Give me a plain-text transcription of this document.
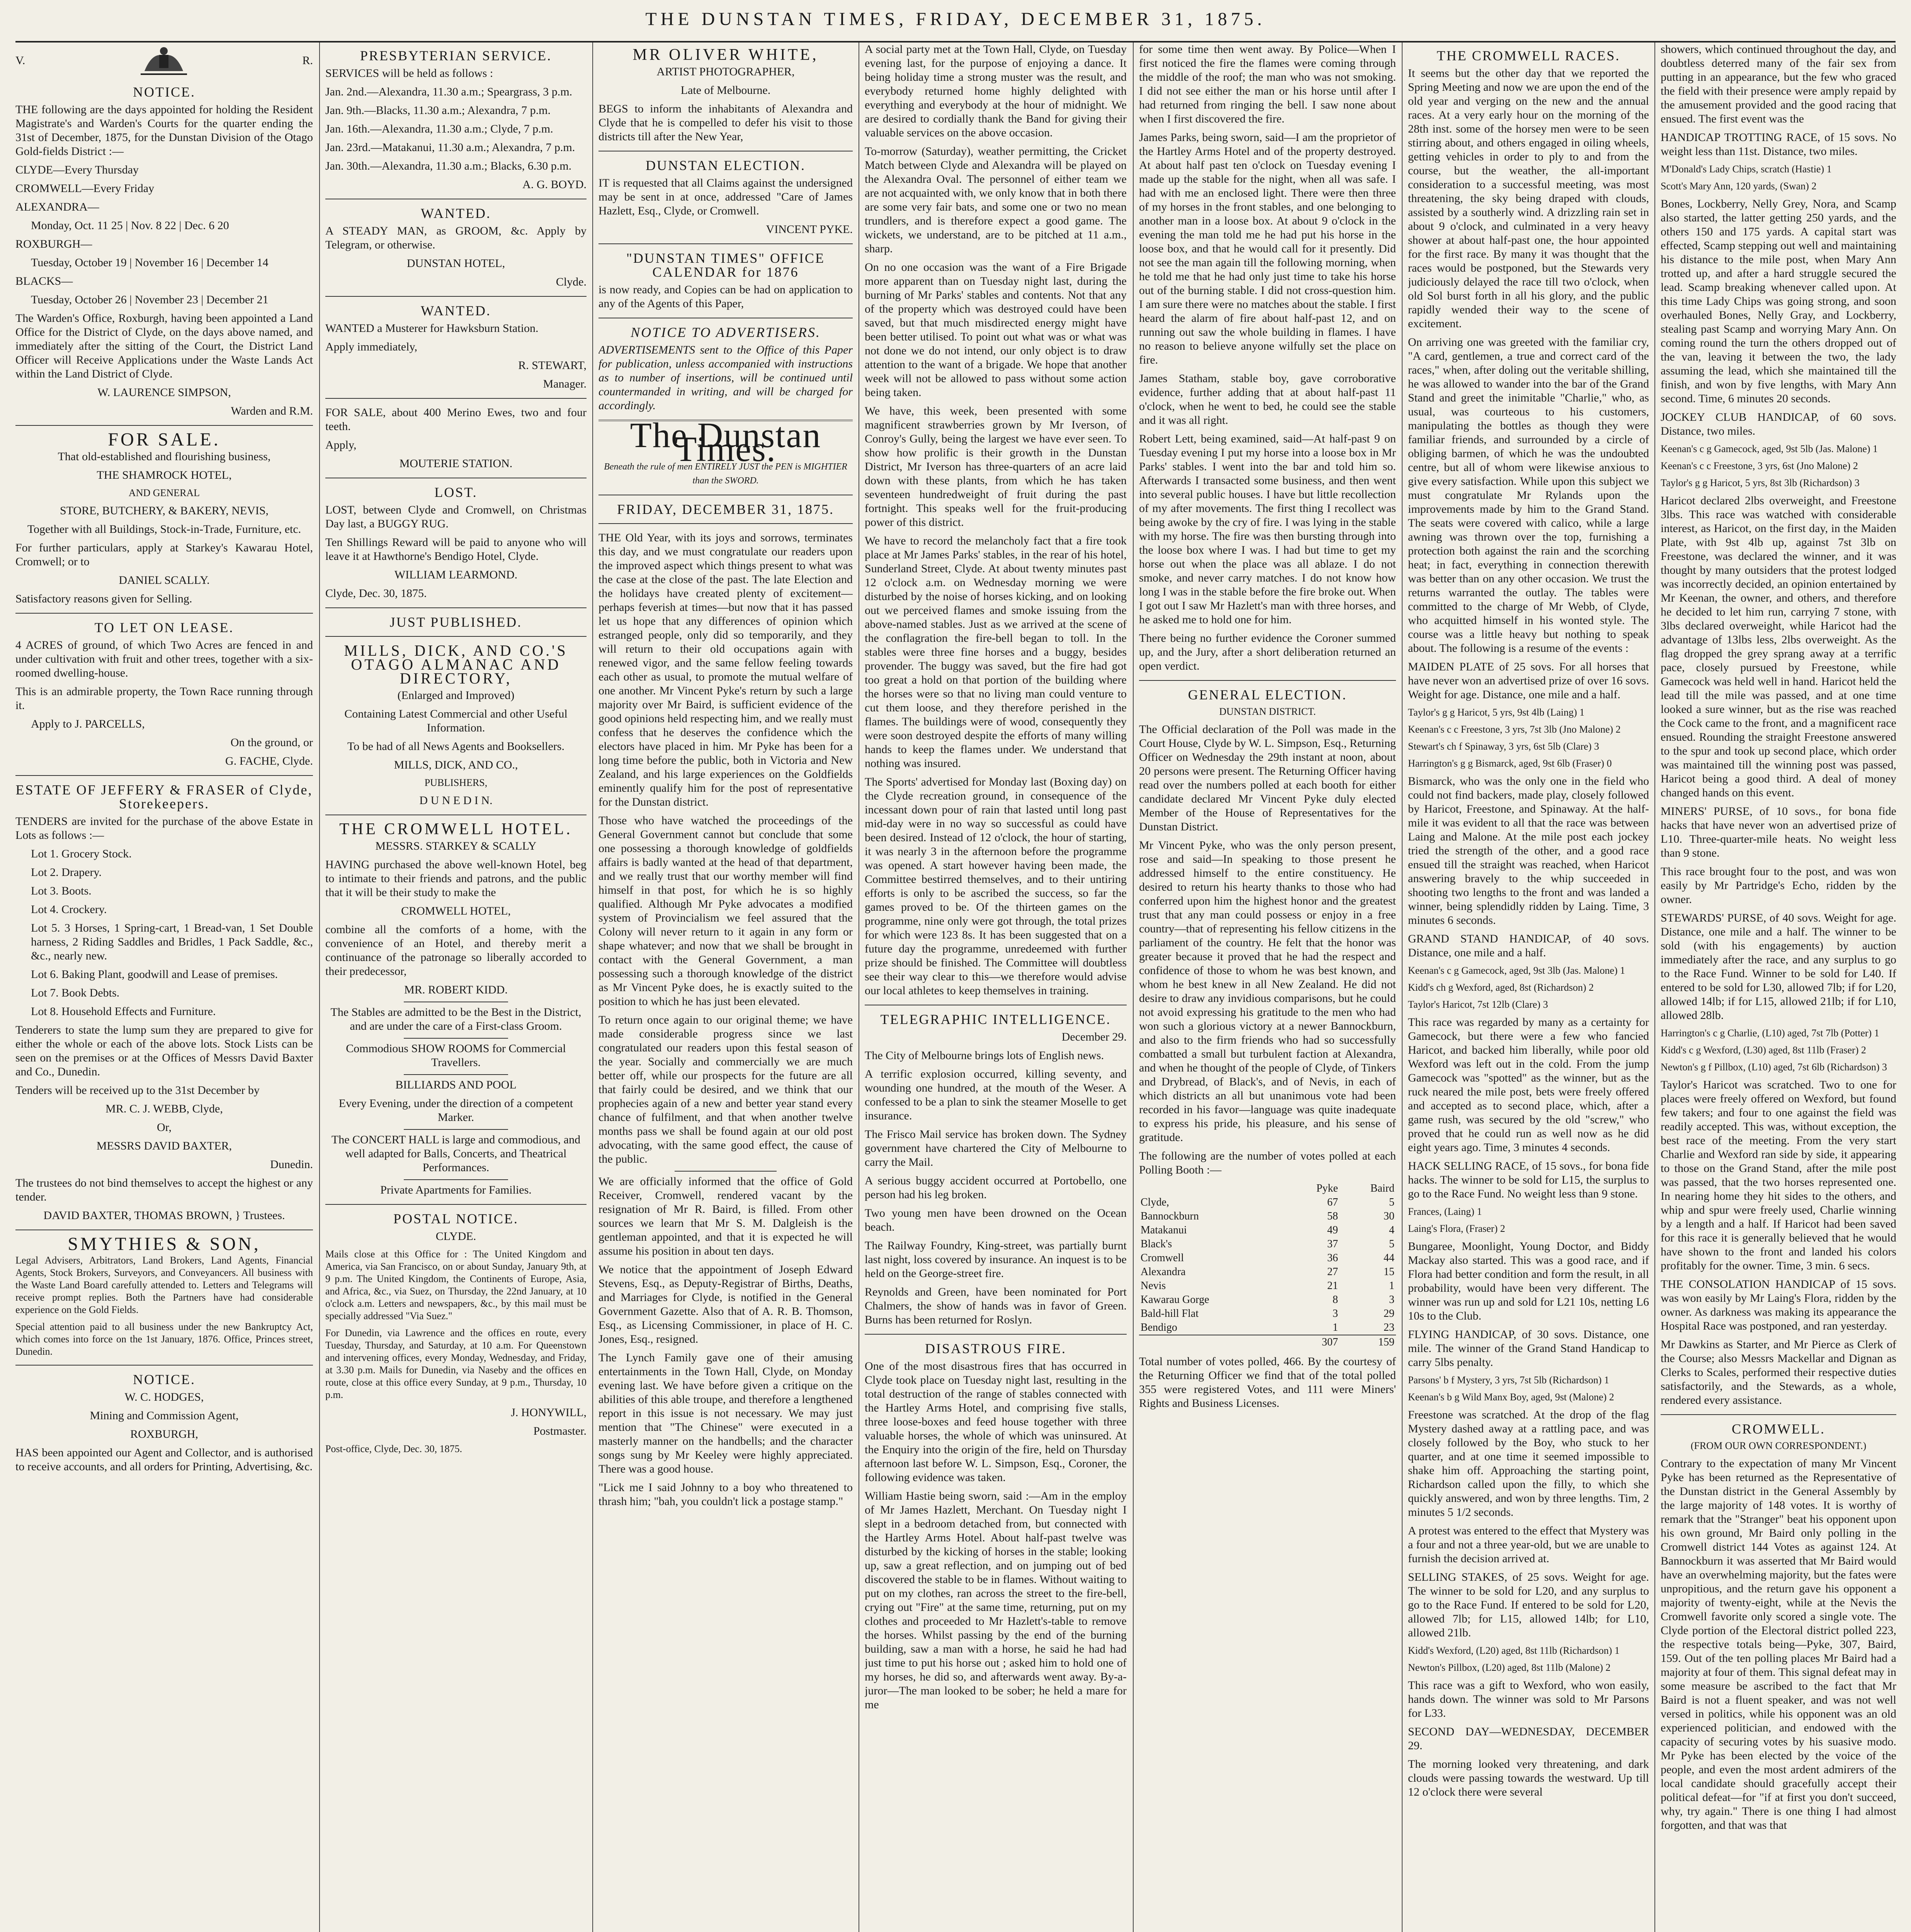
THE DUNSTAN TIMES, FRIDAY, DECEMBER 31, 1875.
V.	R.
NOTICE.

THE following are the days appointed for holding the Resident Magistrate's and Warden's Courts for the quarter ending the 31st of December, 1875, for the Dunstan Division of the Otago Gold-fields District :—

CLYDE—Every Thursday

CROMWELL—Every Friday

ALEXANDRA—

Monday, Oct. 11 25 | Nov. 8 22 | Dec. 6 20

ROXBURGH—

Tuesday, October 19 | November 16 | December 14

BLACKS—

Tuesday, October 26 | November 23 | December 21

The Warden's Office, Roxburgh, having been appointed a Land Office for the District of Clyde, on the days above named, and immediately after the sitting of the Court, the District Land Officer will Receive Applications under the Waste Lands Act within the Land District of Clyde.

W. LAURENCE SIMPSON,

Warden and R.M.

FOR SALE.

That old-established and flourishing business,

THE SHAMROCK HOTEL,

AND GENERAL

STORE, BUTCHERY, & BAKERY, NEVIS,

Together with all Buildings, Stock-in-Trade, Furniture, etc.

For further particulars, apply at Starkey's Kawarau Hotel, Cromwell; or to

DANIEL SCALLY.

Satisfactory reasons given for Selling.

TO LET ON LEASE.

4 ACRES of ground, of which Two Acres are fenced in and under cultivation with fruit and other trees, together with a six-roomed dwelling-house.

This is an admirable property, the Town Race running through it.

Apply to J. PARCELLS,

On the ground, or

G. FACHE, Clyde.

ESTATE OF JEFFERY & FRASER of Clyde, Storekeepers.

TENDERS are invited for the purchase of the above Estate in Lots as follows :—

Lot 1. Grocery Stock.

Lot 2. Drapery.

Lot 3. Boots.

Lot 4. Crockery.

Lot 5. 3 Horses, 1 Spring-cart, 1 Bread-van, 1 Set Double harness, 2 Riding Saddles and Bridles, 1 Pack Saddle, &c., &c., nearly new.

Lot 6. Baking Plant, goodwill and Lease of premises.

Lot 7. Book Debts.

Lot 8. Household Effects and Furniture.

Tenderers to state the lump sum they are prepared to give for either the whole or each of the above lots. Stock Lists can be seen on the premises or at the Offices of Messrs David Baxter and Co., Dunedin.

Tenders will be received up to the 31st December by

MR. C. J. WEBB, Clyde,

Or,

MESSRS DAVID BAXTER,

Dunedin.

The trustees do not bind themselves to accept the highest or any tender.

DAVID BAXTER, THOMAS BROWN, } Trustees.

SMYTHIES & SON,

Legal Advisers, Arbitrators, Land Brokers, Land Agents, Financial Agents, Stock Brokers, Surveyors, and Conveyancers. All business with the Waste Land Board carefully attended to. Letters and Telegrams will receive prompt replies. Both the Partners have had considerable experience on the Gold Fields.

Special attention paid to all business under the new Bankruptcy Act, which comes into force on the 1st January, 1876. Office, Princes street, Dunedin.

NOTICE.

W. C. HODGES,

Mining and Commission Agent,

ROXBURGH,

HAS been appointed our Agent and Collector, and is authorised to receive accounts, and all orders for Printing, Advertising, &c.

PRESBYTERIAN SERVICE.

SERVICES will be held as follows :

Jan. 2nd.—Alexandra, 11.30 a.m.; Speargrass, 3 p.m.

Jan. 9th.—Blacks, 11.30 a.m.; Alexandra, 7 p.m.

Jan. 16th.—Alexandra, 11.30 a.m.; Clyde, 7 p.m.

Jan. 23rd.—Matakanui, 11.30 a.m.; Alexandra, 7 p.m.

Jan. 30th.—Alexandra, 11.30 a.m.; Blacks, 6.30 p.m.

A. G. BOYD.

WANTED.

A STEADY MAN, as GROOM, &c. Apply by Telegram, or otherwise.

DUNSTAN HOTEL,

Clyde.

WANTED.

WANTED a Musterer for Hawksburn Station.

Apply immediately,

R. STEWART,

Manager.

FOR SALE, about 400 Merino Ewes, two and four teeth.

Apply,

MOUTERIE STATION.

LOST.

LOST, between Clyde and Cromwell, on Christmas Day last, a BUGGY RUG.

Ten Shillings Reward will be paid to anyone who will leave it at Hawthorne's Bendigo Hotel, Clyde.

WILLIAM LEARMOND.

Clyde, Dec. 30, 1875.

JUST PUBLISHED.
MILLS, DICK, AND CO.'S OTAGO ALMANAC AND DIRECTORY,

(Enlarged and Improved)

Containing Latest Commercial and other Useful Information.

To be had of all News Agents and Booksellers.

MILLS, DICK, AND CO.,

PUBLISHERS,

D U N E D I N.

THE CROMWELL HOTEL.

MESSRS. STARKEY & SCALLY

HAVING purchased the above well-known Hotel, beg to intimate to their friends and patrons, and the public that it will be their study to make the

CROMWELL HOTEL,

combine all the comforts of a home, with the convenience of an Hotel, and thereby merit a continuance of the patronage so liberally accorded to their predecessor,

MR. ROBERT KIDD.

The Stables are admitted to be the Best in the District, and are under the care of a First-class Groom.

Commodious SHOW ROOMS for Commercial Travellers.

BILLIARDS AND POOL

Every Evening, under the direction of a competent Marker.

The CONCERT HALL is large and commodious, and well adapted for Balls, Concerts, and Theatrical Performances.

Private Apartments for Families.

POSTAL NOTICE.

CLYDE.

Mails close at this Office for : The United Kingdom and America, via San Francisco, on or about Sunday, January 9th, at 9 p.m. The United Kingdom, the Continents of Europe, Asia, and Africa, &c., via Suez, on Thursday, the 22nd January, at 10 o'clock a.m. Letters and newspapers, &c., by this mail must be specially addressed "Via Suez."

For Dunedin, via Lawrence and the offices en route, every Tuesday, Thursday, and Saturday, at 10 a.m. For Queenstown and intervening offices, every Monday, Wednesday, and Friday, at 3.30 p.m. Mails for Dunedin, via Naseby and the offices en route, close at this office every Sunday, at 9 p.m., Thursday, 10 p.m.

J. HONYWILL,

Postmaster.

Post-office, Clyde, Dec. 30, 1875.

MR OLIVER WHITE,

ARTIST PHOTOGRAPHER,

Late of Melbourne.

BEGS to inform the inhabitants of Alexandra and Clyde that he is compelled to defer his visit to those districts till after the New Year,

DUNSTAN ELECTION.

IT is requested that all Claims against the undersigned may be sent in at once, addressed "Care of James Hazlett, Esq., Clyde, or Cromwell.

VINCENT PYKE.

"DUNSTAN TIMES" OFFICE CALENDAR for 1876

is now ready, and Copies can be had on application to any of the Agents of this Paper,

NOTICE TO ADVERTISERS.

ADVERTISEMENTS sent to the Office of this Paper for publication, unless accompanied with instructions as to number of insertions, will be continued until countermanded in writing, and will be charged for accordingly.

The Dunstan Times.
Beneath the rule of men ENTIRELY JUST the PEN is MIGHTIER than the SWORD.
FRIDAY, DECEMBER 31, 1875.

THE Old Year, with its joys and sorrows, terminates this day, and we must congratulate our readers upon the improved aspect which things present to what was the case at the close of the past. The late Election and the holidays have created plenty of excitement—perhaps feverish at times—but now that it has passed let us hope that any differences of opinion which estranged people, only did so temporarily, and they will return to their old occupations again with renewed vigor, and the same fellow feeling towards each other as usual, to promote the mutual welfare of one another. Mr Vincent Pyke's return by such a large majority over Mr Baird, is sufficient evidence of the good opinions held respecting him, and we really must confess that he deserves the confidence which the electors have placed in him. Mr Pyke has been for a long time before the public, both in Victoria and New Zealand, and his large experiences on the Goldfields eminently qualify him for the post of representative for the Dunstan district.

Those who have watched the proceedings of the General Government cannot but conclude that some one possessing a thorough knowledge of goldfields affairs is badly wanted at the head of that department, and we really trust that our worthy member will find himself in that post, for which he is so highly qualified. Although Mr Pyke advocates a modified system of Provincialism we feel assured that the Colony will never return to it again in any form or shape whatever; and now that we shall be brought in contact with the General Government, a man possessing such a thorough knowledge of the district as Mr Vincent Pyke does, he is exactly suited to the position to which he has just been elevated.

To return once again to our original theme; we have made considerable progress since we last congratulated our readers upon this festal season of the year. Socially and commercially we are much better off, while our prospects for the future are all that fairly could be desired, and we think that our prophecies again of a new and better year stand every chance of fulfilment, and that when another twelve months pass we shall be found again at our old post advocating, with the same good effect, the cause of the public.

We are officially informed that the office of Gold Receiver, Cromwell, rendered vacant by the resignation of Mr R. Baird, is filled. From other sources we learn that Mr S. M. Dalgleish is the gentleman appointed, and that it is expected he will assume his position in about ten days.

We notice that the appointment of Joseph Edward Stevens, Esq., as Deputy-Registrar of Births, Deaths, and Marriages for Clyde, is notified in the General Government Gazette. Also that of A. R. B. Thomson, Esq., as Licensing Commissioner, in place of H. C. Jones, Esq., resigned.

The Lynch Family gave one of their amusing entertainments in the Town Hall, Clyde, on Monday evening last. We have before given a critique on the abilities of this able troupe, and therefore a lengthened report in this issue is not necessary. We may just mention that "The Chinese" were executed in a masterly manner on the handbells; and the character songs sung by Mr Keeley were highly appreciated. There was a good house.

"Lick me I said Johnny to a boy who threatened to thrash him; "bah, you couldn't lick a postage stamp."

A social party met at the Town Hall, Clyde, on Tuesday evening last, for the purpose of enjoying a dance. It being holiday time a strong muster was the result, and everybody returned home highly delighted with everything and everybody at the hour of midnight. We are desired to cordially thank the Band for giving their valuable services on the above occasion.

To-morrow (Saturday), weather permitting, the Cricket Match between Clyde and Alexandra will be played on the Alexandra Oval. The personnel of either team we are not acquainted with, we only know that in both there are some very fair bats, and some one or two no mean trundlers, and is therefore expect a good game. The wickets, we understand, are to be pitched at 11 a.m., sharp.

On no one occasion was the want of a Fire Brigade more apparent than on Tuesday night last, during the burning of Mr Parks' stables and contents. Not that any of the property which was destroyed could have been saved, but that much misdirected energy might have been better utilised. To point out what was or what was not done we do not intend, our only object is to draw attention to the want of a brigade. We hope that another week will not be allowed to pass without some action being taken.

We have, this week, been presented with some magnificent strawberries grown by Mr Iverson, of Conroy's Gully, being the largest we have ever seen. To show how prolific is their growth in the Dunstan District, Mr Iverson has three-quarters of an acre laid down with these plants, from which he has taken seventeen hundredweight of fruit during the past fortnight. This speaks well for the fruit-producing power of this district.

We have to record the melancholy fact that a fire took place at Mr James Parks' stables, in the rear of his hotel, Sunderland Street, Clyde. At about twenty minutes past 12 o'clock a.m. on Wednesday morning we were disturbed by the noise of horses kicking, and on looking out we perceived flames and smoke issuing from the above-named stables. Just as we arrived at the scene of the conflagration the fire-bell began to toll. In the stables were three fine horses and a buggy, besides provender. The buggy was saved, but the fire had got too great a hold on that portion of the building where the horses were so that no living man could venture to cut them loose, and they therefore perished in the flames. The buildings were of wood, consequently they were soon destroyed despite the efforts of many willing hands to keep the flames under. We understand that nothing was insured.

The Sports' advertised for Monday last (Boxing day) on the Clyde recreation ground, in consequence of the incessant down pour of rain that lasted until long past mid-day were in no way so successful as could have been desired. Instead of 12 o'clock, the hour of starting, it was nearly 3 in the afternoon before the programme was opened. A start however having been made, the Committee bestirred themselves, and to their untiring efforts is only to be ascribed the success, so far the games proved to be. Of the thirteen games on the programme, nine only were got through, the total prizes for which were 123 8s. It has been suggested that on a future day the programme, unredeemed with further prize should be finished. The Committee will doubtless see their way clear to this—we therefore would advise our local athletes to keep themselves in training.

TELEGRAPHIC INTELLIGENCE.

December 29.

The City of Melbourne brings lots of English news.

A terrific explosion occurred, killing seventy, and wounding one hundred, at the mouth of the Weser. A confessed to be a plan to sink the steamer Moselle to get insurance.

The Frisco Mail service has broken down. The Sydney government have chartered the City of Melbourne to carry the Mail.

A serious buggy accident occurred at Portobello, one person had his leg broken.

Two young men have been drowned on the Ocean beach.

The Railway Foundry, King-street, was partially burnt last night, loss covered by insurance. An inquest is to be held on the George-street fire.

Reynolds and Green, have been nominated for Port Chalmers, the show of hands was in favor of Green. Burns has been returned for Roslyn.

DISASTROUS FIRE.

One of the most disastrous fires that has occurred in Clyde took place on Tuesday night last, resulting in the total destruction of the range of stables connected with the Hartley Arms Hotel, and comprising five stalls, three loose-boxes and feed house together with three valuable horses, the whole of which was uninsured. At the Enquiry into the origin of the fire, held on Thursday afternoon last before W. L. Simpson, Esq., Coroner, the following evidence was taken.

William Hastie being sworn, said :—Am in the employ of Mr James Hazlett, Merchant. On Tuesday night I slept in a bedroom detached from, but connected with the Hartley Arms Hotel. About half-past twelve was disturbed by the kicking of horses in the stable; looking up, saw a great reflection, and on jumping out of bed discovered the stable to be in flames. Without waiting to put on my clothes, ran across the street to the fire-bell, crying out "Fire" at the same time, returning, put on my clothes and proceeded to Mr Hazlett's-table to remove the horses. Whilst passing by the end of the burning building, saw a man with a horse, he said he had had just time to put his horse out ; asked him to hold one of my horses, he did so, and afterwards went away. By-a-juror—The man looked to be sober; he held a mare for me

for some time then went away. By Police—When I first noticed the fire the flames were coming through the middle of the roof; the man who was not smoking. I did not see either the man or his horse until after I had returned from ringing the bell. I saw none about when I first discovered the fire.

James Parks, being sworn, said—I am the proprietor of the Hartley Arms Hotel and of the property destroyed. At about half past ten o'clock on Tuesday evening I made up the stable for the night, when all was safe. I had with me an enclosed light. There were then three of my horses in the front stables, and one belonging to another man in a loose box. At about 9 o'clock in the evening the man told me he had put his horse in the loose box, and that he would call for it presently. Did not see the man again till the following morning, when he told me that he had only just time to take his horse out of the burning stable. I did not cross-question him. I am sure there were no matches about the stable. I first heard the alarm of fire about half-past 12, and on running out saw the whole building in flames. I have no reason to believe anyone wilfully set the place on fire.

James Statham, stable boy, gave corroborative evidence, further adding that at about half-past 11 o'clock, when he went to bed, he could see the stable and it was all right.

Robert Lett, being examined, said—At half-past 9 on Tuesday evening I put my horse into a loose box in Mr Parks' stables. I went into the bar and told him so. Afterwards I transacted some business, and then went into several public houses. I have but little recollection of my after movements. The first thing I recollect was being awoke by the cry of fire. I was lying in the stable with my horse. The fire was then bursting through into the loose box where I was. I had but time to get my horse out when the place was all ablaze. I do not smoke, and never carry matches. I do not know how long I was in the stable before the fire broke out. When I got out I saw Mr Hazlett's man with three horses, and he asked me to hold one for him.

There being no further evidence the Coroner summed up, and the Jury, after a short deliberation returned an open verdict.

GENERAL ELECTION.

DUNSTAN DISTRICT.

The Official declaration of the Poll was made in the Court House, Clyde by W. L. Simpson, Esq., Returning Officer on Wednesday the 29th instant at noon, about 20 persons were present. The Returning Officer having read over the numbers polled at each booth for either candidate declared Mr Vincent Pyke duly elected Member of the House of Representatives for the Dunstan District.

Mr Vincent Pyke, who was the only person present, rose and said—In speaking to those present he addressed himself to the entire constituency. He desired to return his hearty thanks to those who had conferred upon him the highest honor and the greatest trust that any man could possess or enjoy in a free country—that of representing his fellow citizens in the parliament of the country. He felt that the honor was greater because it proved that he had the respect and confidence of those to whom he was best known, and whom he best knew in all New Zealand. He did not desire to draw any invidious comparisons, but he could not avoid expressing his gratitude to the men who had won such a glorious victory at a newer Bannockburn, and also to the firm friends who had so successfully combatted a small but turbulent faction at Alexandra, and when he thought of the people of Clyde, of Tinkers and Drybread, of Black's, and of Nevis, in each of which districts an all but unanimous vote had been recorded in his favor—language was quite inadequate to express his pride, his pleasure, and his sense of gratitude.

The following are the number of votes polled at each Polling Booth :—

	Pyke	Baird
Clyde,	67	5
Bannockburn	58	30
Matakanui	49	4
Black's	37	5
Cromwell	36	44
Alexandra	27	15
Nevis	21	1
Kawarau Gorge	8	3
Bald-hill Flat	3	29
Bendigo	1	23
	307	159

Total number of votes polled, 466. By the courtesy of the Returning Officer we find that of the total polled 355 were registered Votes, and 111 were Miners' Rights and Business Licenses.

THE CROMWELL RACES.

It seems but the other day that we reported the Spring Meeting and now we are upon the end of the old year and verging on the new and the annual races. At a very early hour on the morning of the 28th inst. some of the horsey men were to be seen stirring about, and others engaged in oiling wheels, getting vehicles in order to ply to and from the course, but the weather, the all-important consideration to a successful meeting, was most threatening, the sky being draped with clouds, assisted by a southerly wind. A drizzling rain set in about 9 o'clock, and culminated in a very heavy shower at about half-past one, the hour appointed for the first race. By many it was thought that the races would be postponed, but the Stewards very judiciously delayed the race till two o'clock, when old Sol burst forth in all his glory, and the public rapidly wended their way to the scene of excitement.

On arriving one was greeted with the familiar cry, "A card, gentlemen, a true and correct card of the races," when, after doling out the veritable shilling, he was allowed to wander into the bar of the Grand Stand and greet the inimitable "Charlie," who, as usual, was courteous to his customers, manipulating the bottles as though they were familiar friends, and surrounded by a circle of obliging barmen, of which he was the undoubted centre, but all of whom were likewise anxious to give every satisfaction. While upon this subject we must congratulate Mr Rylands upon the improvements made by him to the Grand Stand. The seats were covered with calico, while a large awning was thrown over the top, furnishing a protection both against the rain and the scorching heat; in fact, everything in connection therewith was better than on any other occasion. We trust the returns warranted the outlay. The tables were committed to the charge of Mr Webb, of Clyde, who acquitted himself in his wonted style. The course was a little heavy but nothing to speak about. The following is a resume of the events :

MAIDEN PLATE of 25 sovs. For all horses that have never won an advertised prize of over 16 sovs. Weight for age. Distance, one mile and a half.

Taylor's g g Haricot, 5 yrs, 9st 4lb (Laing) 1

Keenan's c c Freestone, 3 yrs, 7st 3lb (Jno Malone) 2

Stewart's ch f Spinaway, 3 yrs, 6st 5lb (Clare) 3

Harrington's g g Bismarck, aged, 9st 6lb (Fraser) 0

Bismarck, who was the only one in the field who could not find backers, made play, closely followed by Haricot, Freestone, and Spinaway. At the half-mile it was evident to all that the race was between Laing and Malone. At the mile post each jockey tried the strength of the other, and a good race ensued till the straight was reached, when Haricot answering bravely to the whip succeeded in shooting two lengths to the front and was landed a winner, being splendidly ridden by Laing. Time, 3 minutes 6 seconds.

GRAND STAND HANDICAP, of 40 sovs. Distance, one mile and a half.

Keenan's c g Gamecock, aged, 9st 3lb (Jas. Malone) 1

Kidd's ch g Wexford, aged, 8st (Richardson) 2

Taylor's Haricot, 7st 12lb (Clare) 3

This race was regarded by many as a certainty for Gamecock, but there were a few who fancied Haricot, and backed him liberally, while poor old Wexford was left out in the cold. From the jump Gamecock was "spotted" as the winner, but as the ruck neared the mile post, bets were freely offered and accepted as to second place, which, after a game rush, was secured by the old "screw," who proved that he could run as well now as he did eight years ago. Time, 3 minutes 4 seconds.

HACK SELLING RACE, of 15 sovs., for bona fide hacks. The winner to be sold for L15, the surplus to go to the Race Fund. No weight less than 9 stone.

Frances, (Laing) 1

Laing's Flora, (Fraser) 2

Bungaree, Moonlight, Young Doctor, and Biddy Mackay also started. This was a good race, and if Flora had better condition and form the result, in all probability, would have been very different. The winner was run up and sold for L21 10s, netting L6 10s to the Club.

FLYING HANDICAP, of 30 sovs. Distance, one mile. The winner of the Grand Stand Handicap to carry 5lbs penalty.

Parsons' b f Mystery, 3 yrs, 7st 5lb (Richardson) 1

Keenan's b g Wild Manx Boy, aged, 9st (Malone) 2

Freestone was scratched. At the drop of the flag Mystery dashed away at a rattling pace, and was closely followed by the Boy, who stuck to her quarter, and at one time it seemed impossible to shake him off. Approaching the starting point, Richardson called upon the filly, to which she quickly answered, and won by three lengths. Tim, 2 minutes 5 1/2 seconds.

A protest was entered to the effect that Mystery was a four and not a three year-old, but we are unable to furnish the decision arrived at.

SELLING STAKES, of 25 sovs. Weight for age. The winner to be sold for L20, and any surplus to go to the Race Fund. If entered to be sold for L20, allowed 7lb; for L15, allowed 14lb; for L10, allowed 21lb.

Kidd's Wexford, (L20) aged, 8st 11lb (Richardson) 1

Newton's Pillbox, (L20) aged, 8st 11lb (Malone) 2

This race was a gift to Wexford, who won easily, hands down. The winner was sold to Mr Parsons for L33.

SECOND DAY—WEDNESDAY, DECEMBER 29.

The morning looked very threatening, and dark clouds were passing towards the westward. Up till 12 o'clock there were several

showers, which continued throughout the day, and doubtless deterred many of the fair sex from putting in an appearance, but the few who graced the field with their presence were amply repaid by the amusement provided and the good racing that ensued. The first event was the

HANDICAP TROTTING RACE, of 15 sovs. No weight less than 11st. Distance, two miles.

M'Donald's Lady Chips, scratch (Hastie) 1

Scott's Mary Ann, 120 yards, (Swan) 2

Bones, Lockberry, Nelly Grey, Nora, and Scamp also started, the latter getting 250 yards, and the others 150 and 175 yards. A capital start was effected, Scamp stepping out well and maintaining his distance to the mile post, when Mary Ann trotted up, and after a hard struggle secured the lead. Scamp breaking whenever called upon. At this time Lady Chips was going strong, and soon overhauled Bones, Nelly Gray, and Lockberry, stealing past Scamp and worrying Mary Ann. On coming round the turn the others dropped out of the van, leaving it between the two, the lady assuming the lead, which she maintained till the finish, and won by five lengths, with Mary Ann second. Time, 6 minutes 20 seconds.

JOCKEY CLUB HANDICAP, of 60 sovs. Distance, two miles.

Keenan's c g Gamecock, aged, 9st 5lb (Jas. Malone) 1

Keenan's c c Freestone, 3 yrs, 6st (Jno Malone) 2

Taylor's g g Haricot, 5 yrs, 8st 3lb (Richardson) 3

Haricot declared 2lbs overweight, and Freestone 3lbs. This race was watched with considerable interest, as Haricot, on the first day, in the Maiden Plate, with 9st 4lb up, against 7st 3lb on Freestone, was declared the winner, and it was thought by many outsiders that the protest lodged was incorrectly decided, an opinion entertained by Mr Keenan, the owner, and others, and therefore he decided to let him run, carrying 7 stone, with 3lbs declared overweight, while Haricot had the advantage of 13lbs less, 2lbs overweight. As the flag dropped the grey sprang away at a terrific pace, closely pursued by Freestone, while Gamecock was held well in hand. Haricot held the lead till the mile was passed, and at one time looked a sure winner, but as the rise was reached the Cock came to the front, and a magnificent race ensued. Rounding the straight Freestone answered to the spur and took up second place, which order was maintained till the winning post was passed, Haricot being a good third. A deal of money changed hands on this event.

MINERS' PURSE, of 10 sovs., for bona fide hacks that have never won an advertised prize of L10. Three-quarter-mile heats. No weight less than 9 stone.

This race brought four to the post, and was won easily by Mr Partridge's Echo, ridden by the owner.

STEWARDS' PURSE, of 40 sovs. Weight for age. Distance, one mile and a half. The winner to be sold (with his engagements) by auction immediately after the race, and any surplus to go to the Race Fund. Winner to be sold for L40. If entered to be sold for L30, allowed 7lb; if for L20, allowed 14lb; if for L15, allowed 21lb; if for L10, allowed 28lb.

Harrington's c g Charlie, (L10) aged, 7st 7lb (Potter) 1

Kidd's c g Wexford, (L30) aged, 8st 11lb (Fraser) 2

Newton's g f Pillbox, (L10) aged, 7st 6lb (Richardson) 3

Taylor's Haricot was scratched. Two to one for places were freely offered on Wexford, but found few takers; and four to one against the field was readily accepted. This was, without exception, the best race of the meeting. From the very start Charlie and Wexford ran side by side, it appearing to those on the Grand Stand, after the mile post was passed, that the two horses represented one. In nearing home they hit sides to the others, and whip and spur were freely used, Charlie winning by a length and a half. If Haricot had been saved for this race it is generally believed that he would have shown to the front and landed his colors profitably for the owner. Time, 3 min. 6 secs.

THE CONSOLATION HANDICAP of 15 sovs. was won easily by Mr Laing's Flora, ridden by the owner. As darkness was making its appearance the Hospital Race was postponed, and ran yesterday.

Mr Dawkins as Starter, and Mr Pierce as Clerk of the Course; also Messrs Mackellar and Dignan as Clerks to Scales, performed their respective duties satisfactorily, and the Stewards, as a whole, rendered every assistance.

CROMWELL.

(FROM OUR OWN CORRESPONDENT.)

Contrary to the expectation of many Mr Vincent Pyke has been returned as the Representative of the Dunstan district in the General Assembly by the large majority of 148 votes. It is worthy of remark that the "Stranger" beat his opponent upon his own ground, Mr Baird only polling in the Cromwell district 144 Votes as against 124. At Bannockburn it was asserted that Mr Baird would have an overwhelming majority, but the fates were unpropitious, and the return gave his opponent a majority of twenty-eight, while at the Nevis the Cromwell favorite only scored a single vote. The Clyde portion of the Electoral district polled 223, the respective totals being—Pyke, 307, Baird, 159. Out of the ten polling places Mr Baird had a majority at four of them. This signal defeat may in some measure be ascribed to the fact that Mr Baird is not a fluent speaker, and was not well versed in politics, while his opponent was an old experienced politician, and endowed with the capacity of securing votes by his suasive modo. Mr Pyke has been elected by the voice of the people, and even the most ardent admirers of the local candidate should gracefully accept their political defeat—for "if at first you don't succeed, why, try again." There is one thing I had almost forgotten, and that was that
